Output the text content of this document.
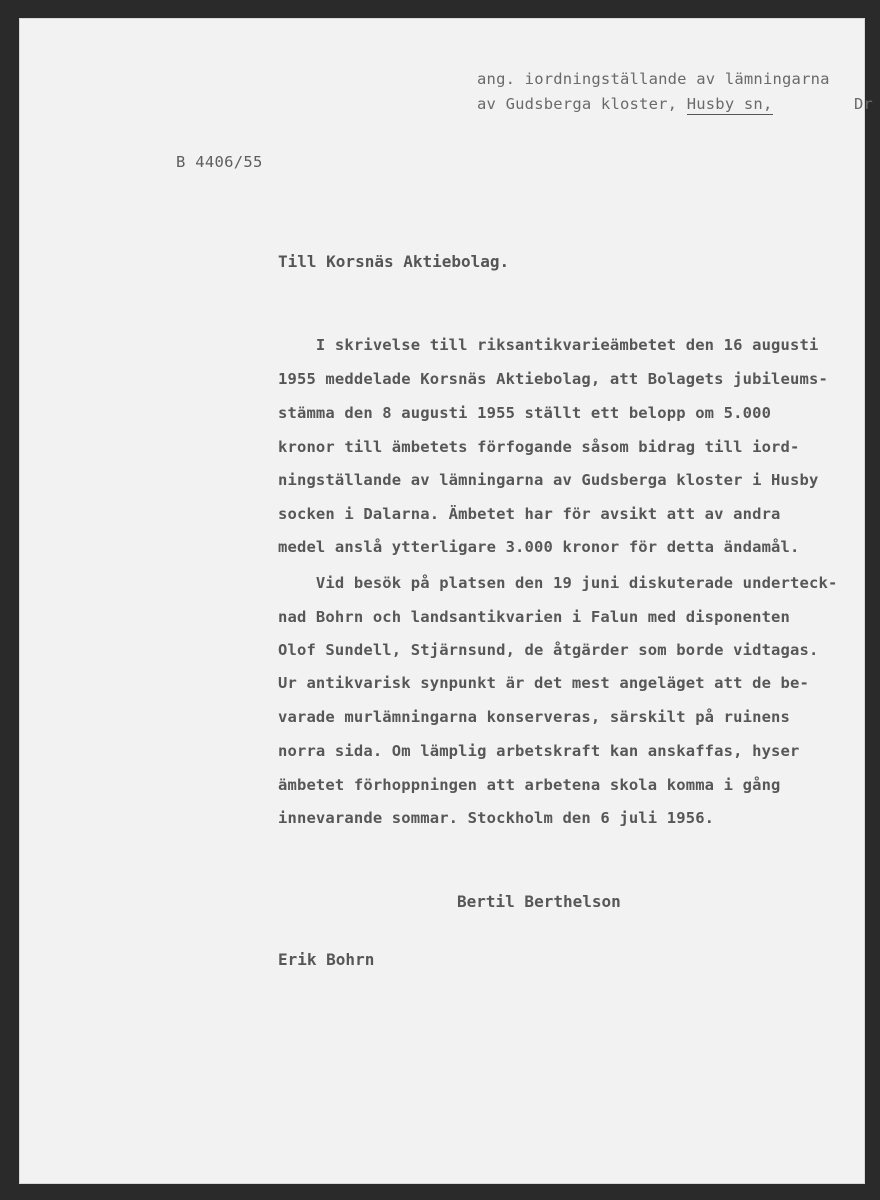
ang. iordningställande av lämningarna
av Gudsberga kloster, Husby sn,	Dr
B 4406/55
Till Korsnäs Aktiebolag.
I skrivelse till riksantikvarieämbetet den 16 augusti
1955 meddelade Korsnäs Aktiebolag, att Bolagets jubileums-
stämma den 8 augusti 1955 ställt ett belopp om 5.000
kronor till ämbetets förfogande såsom bidrag till iord-
ningställande av lämningarna av Gudsberga kloster i Husby
socken i Dalarna. Ämbetet har för avsikt att av andra
medel anslå ytterligare 3.000 kronor för detta ändamål.
Vid besök på platsen den 19 juni diskuterade underteck-
nad Bohrn och landsantikvarien i Falun med disponenten
Olof Sundell, Stjärnsund, de åtgärder som borde vidtagas.
Ur antikvarisk synpunkt är det mest angeläget att de be-
varade murlämningarna konserveras, särskilt på ruinens
norra sida. Om lämplig arbetskraft kan anskaffas, hyser
ämbetet förhoppningen att arbetena skola komma i gång
innevarande sommar. Stockholm den 6 juli 1956.
Bertil Berthelson
Erik Bohrn
